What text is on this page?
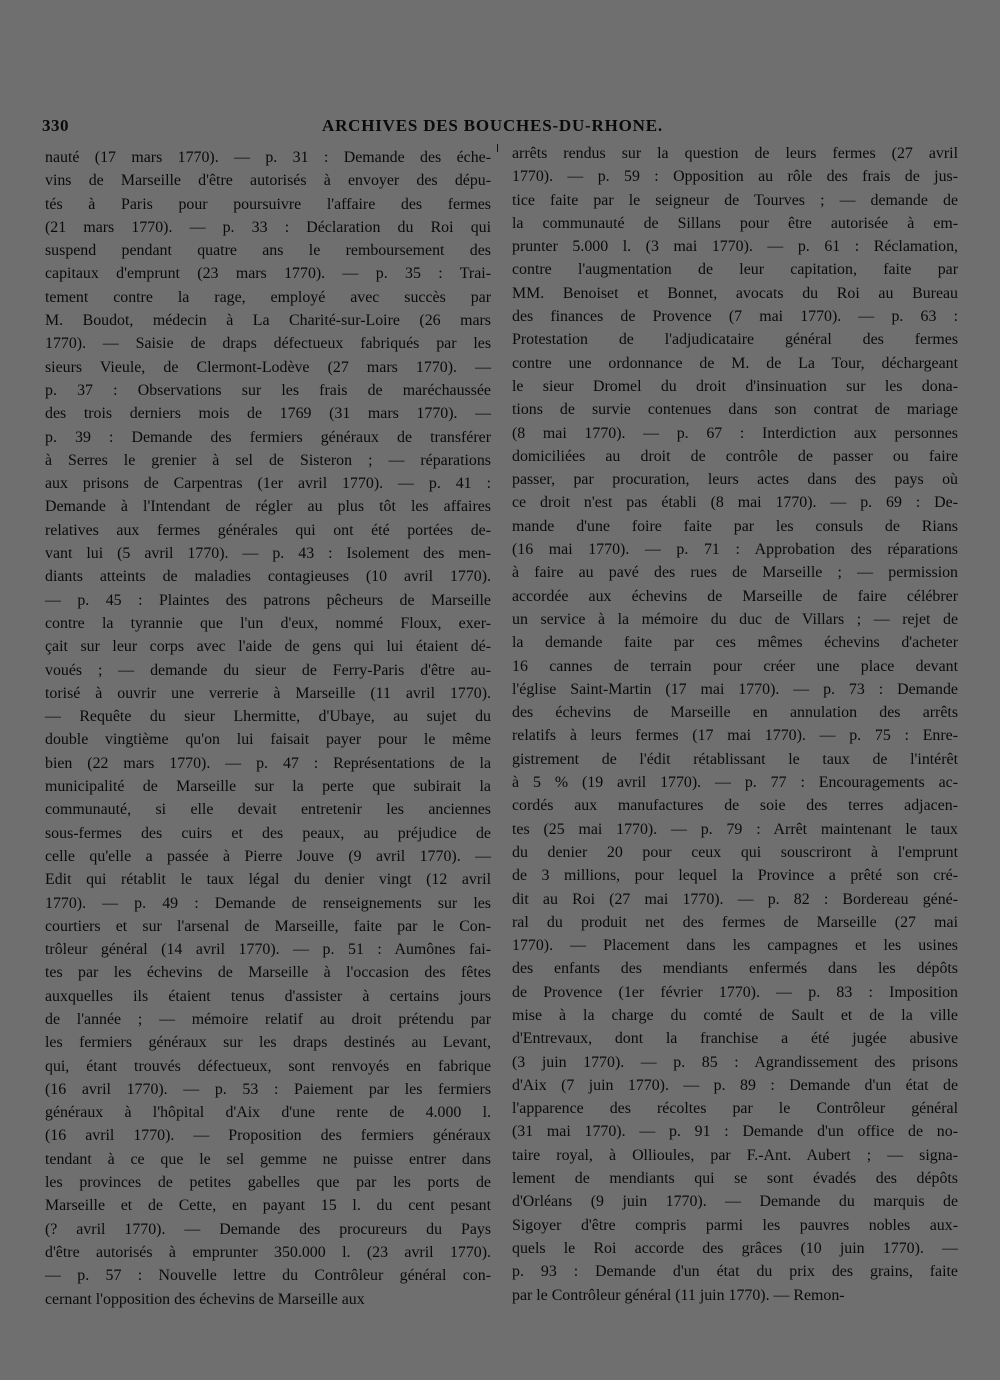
330	ARCHIVES DES BOUCHES-DU-RHONE.
nauté (17 mars 1770). — p. 31 : Demande des éche-
vins de Marseille d'être autorisés à envoyer des dépu-
tés à Paris pour poursuivre l'affaire des fermes
(21 mars 1770). — p. 33 : Déclaration du Roi qui
suspend pendant quatre ans le remboursement des
capitaux d'emprunt (23 mars 1770). — p. 35 : Trai-
tement contre la rage, employé avec succès par
M. Boudot, médecin à La Charité-sur-Loire (26 mars
1770). — Saisie de draps défectueux fabriqués par les
sieurs Vieule, de Clermont-Lodève (27 mars 1770). —
p. 37 : Observations sur les frais de maréchaussée
des trois derniers mois de 1769 (31 mars 1770). —
p. 39 : Demande des fermiers généraux de transférer
à Serres le grenier à sel de Sisteron ; — réparations
aux prisons de Carpentras (1er avril 1770). — p. 41 :
Demande à l'Intendant de régler au plus tôt les affaires
relatives aux fermes générales qui ont été portées de-
vant lui (5 avril 1770). — p. 43 : Isolement des men-
diants atteints de maladies contagieuses (10 avril 1770).
— p. 45 : Plaintes des patrons pêcheurs de Marseille
contre la tyrannie que l'un d'eux, nommé Floux, exer-
çait sur leur corps avec l'aide de gens qui lui étaient dé-
voués ; — demande du sieur de Ferry-Paris d'être au-
torisé à ouvrir une verrerie à Marseille (11 avril 1770).
— Requête du sieur Lhermitte, d'Ubaye, au sujet du
double vingtième qu'on lui faisait payer pour le même
bien (22 mars 1770). — p. 47 : Représentations de la
municipalité de Marseille sur la perte que subirait la
communauté, si elle devait entretenir les anciennes
sous-fermes des cuirs et des peaux, au préjudice de
celle qu'elle a passée à Pierre Jouve (9 avril 1770). —
Edit qui rétablit le taux légal du denier vingt (12 avril
1770). — p. 49 : Demande de renseignements sur les
courtiers et sur l'arsenal de Marseille, faite par le Con-
trôleur général (14 avril 1770). — p. 51 : Aumônes fai-
tes par les échevins de Marseille à l'occasion des fêtes
auxquelles ils étaient tenus d'assister à certains jours
de l'année ; — mémoire relatif au droit prétendu par
les fermiers généraux sur les draps destinés au Levant,
qui, étant trouvés défectueux, sont renvoyés en fabrique
(16 avril 1770). — p. 53 : Paiement par les fermiers
généraux à l'hôpital d'Aix d'une rente de 4.000 l.
(16 avril 1770). — Proposition des fermiers généraux
tendant à ce que le sel gemme ne puisse entrer dans
les provinces de petites gabelles que par les ports de
Marseille et de Cette, en payant 15 l. du cent pesant
(? avril 1770). — Demande des procureurs du Pays
d'être autorisés à emprunter 350.000 l. (23 avril 1770).
— p. 57 : Nouvelle lettre du Contrôleur général con-
cernant l'opposition des échevins de Marseille aux
arrêts rendus sur la question de leurs fermes (27 avril
1770). — p. 59 : Opposition au rôle des frais de jus-
tice faite par le seigneur de Tourves ; — demande de
la communauté de Sillans pour être autorisée à em-
prunter 5.000 l. (3 mai 1770). — p. 61 : Réclamation,
contre l'augmentation de leur capitation, faite par
MM. Benoiset et Bonnet, avocats du Roi au Bureau
des finances de Provence (7 mai 1770). — p. 63 :
Protestation de l'adjudicataire général des fermes
contre une ordonnance de M. de La Tour, déchargeant
le sieur Dromel du droit d'insinuation sur les dona-
tions de survie contenues dans son contrat de mariage
(8 mai 1770). — p. 67 : Interdiction aux personnes
domiciliées au droit de contrôle de passer ou faire
passer, par procuration, leurs actes dans des pays où
ce droit n'est pas établi (8 mai 1770). — p. 69 : De-
mande d'une foire faite par les consuls de Rians
(16 mai 1770). — p. 71 : Approbation des réparations
à faire au pavé des rues de Marseille ; — permission
accordée aux échevins de Marseille de faire célébrer
un service à la mémoire du duc de Villars ; — rejet de
la demande faite par ces mêmes échevins d'acheter
16 cannes de terrain pour créer une place devant
l'église Saint-Martin (17 mai 1770). — p. 73 : Demande
des échevins de Marseille en annulation des arrêts
relatifs à leurs fermes (17 mai 1770). — p. 75 : Enre-
gistrement de l'édit rétablissant le taux de l'intérêt
à 5 % (19 avril 1770). — p. 77 : Encouragements ac-
cordés aux manufactures de soie des terres adjacen-
tes (25 mai 1770). — p. 79 : Arrêt maintenant le taux
du denier 20 pour ceux qui souscriront à l'emprunt
de 3 millions, pour lequel la Province a prêté son cré-
dit au Roi (27 mai 1770). — p. 82 : Bordereau géné-
ral du produit net des fermes de Marseille (27 mai
1770). — Placement dans les campagnes et les usines
des enfants des mendiants enfermés dans les dépôts
de Provence (1er février 1770). — p. 83 : Imposition
mise à la charge du comté de Sault et de la ville
d'Entrevaux, dont la franchise a été jugée abusive
(3 juin 1770). — p. 85 : Agrandissement des prisons
d'Aix (7 juin 1770). — p. 89 : Demande d'un état de
l'apparence des récoltes par le Contrôleur général
(31 mai 1770). — p. 91 : Demande d'un office de no-
taire royal, à Ollioules, par F.-Ant. Aubert ; — signa-
lement de mendiants qui se sont évadés des dépôts
d'Orléans (9 juin 1770). — Demande du marquis de
Sigoyer d'être compris parmi les pauvres nobles aux-
quels le Roi accorde des grâces (10 juin 1770). —
p. 93 : Demande d'un état du prix des grains, faite
par le Contrôleur général (11 juin 1770). — Remon-
